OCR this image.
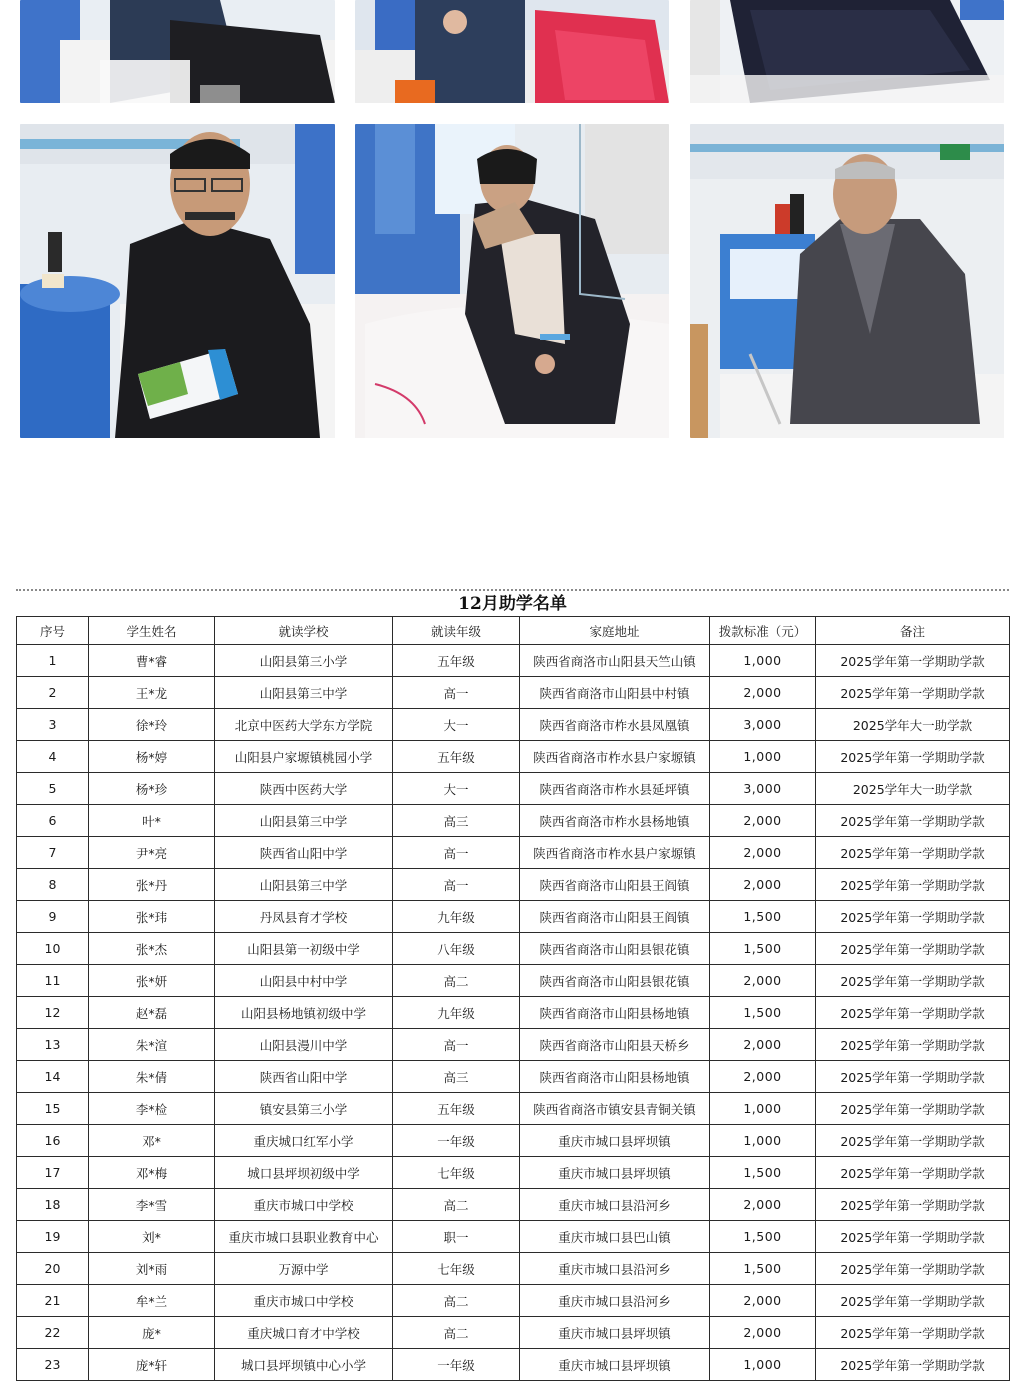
12月助学名单
序号	学生姓名	就读学校	就读年级	家庭地址	拨款标准（元）	备注
1	曹*睿	山阳县第三小学	五年级	陕西省商洛市山阳县天竺山镇	1,000	2025学年第一学期助学款
2	王*龙	山阳县第三中学	高一	陕西省商洛市山阳县中村镇	2,000	2025学年第一学期助学款
3	徐*玲	北京中医药大学东方学院	大一	陕西省商洛市柞水县凤凰镇	3,000	2025学年大一助学款
4	杨*婷	山阳县户家塬镇桃园小学	五年级	陕西省商洛市柞水县户家塬镇	1,000	2025学年第一学期助学款
5	杨*珍	陕西中医药大学	大一	陕西省商洛市柞水县延坪镇	3,000	2025学年大一助学款
6	叶*	山阳县第三中学	高三	陕西省商洛市柞水县杨地镇	2,000	2025学年第一学期助学款
7	尹*亮	陕西省山阳中学	高一	陕西省商洛市柞水县户家塬镇	2,000	2025学年第一学期助学款
8	张*丹	山阳县第三中学	高一	陕西省商洛市山阳县王阎镇	2,000	2025学年第一学期助学款
9	张*玮	丹凤县育才学校	九年级	陕西省商洛市山阳县王阎镇	1,500	2025学年第一学期助学款
10	张*杰	山阳县第一初级中学	八年级	陕西省商洛市山阳县银花镇	1,500	2025学年第一学期助学款
11	张*妍	山阳县中村中学	高二	陕西省商洛市山阳县银花镇	2,000	2025学年第一学期助学款
12	赵*磊	山阳县杨地镇初级中学	九年级	陕西省商洛市山阳县杨地镇	1,500	2025学年第一学期助学款
13	朱*渲	山阳县漫川中学	高一	陕西省商洛市山阳县天桥乡	2,000	2025学年第一学期助学款
14	朱*倩	陕西省山阳中学	高三	陕西省商洛市山阳县杨地镇	2,000	2025学年第一学期助学款
15	李*检	镇安县第三小学	五年级	陕西省商洛市镇安县青铜关镇	1,000	2025学年第一学期助学款
16	邓*	重庆城口红军小学	一年级	重庆市城口县坪坝镇	1,000	2025学年第一学期助学款
17	邓*梅	城口县坪坝初级中学	七年级	重庆市城口县坪坝镇	1,500	2025学年第一学期助学款
18	李*雪	重庆市城口中学校	高二	重庆市城口县沿河乡	2,000	2025学年第一学期助学款
19	刘*	重庆市城口县职业教育中心	职一	重庆市城口县巴山镇	1,500	2025学年第一学期助学款
20	刘*雨	万源中学	七年级	重庆市城口县沿河乡	1,500	2025学年第一学期助学款
21	牟*兰	重庆市城口中学校	高二	重庆市城口县沿河乡	2,000	2025学年第一学期助学款
22	庞*	重庆城口育才中学校	高二	重庆市城口县坪坝镇	2,000	2025学年第一学期助学款
23	庞*轩	城口县坪坝镇中心小学	一年级	重庆市城口县坪坝镇	1,000	2025学年第一学期助学款
